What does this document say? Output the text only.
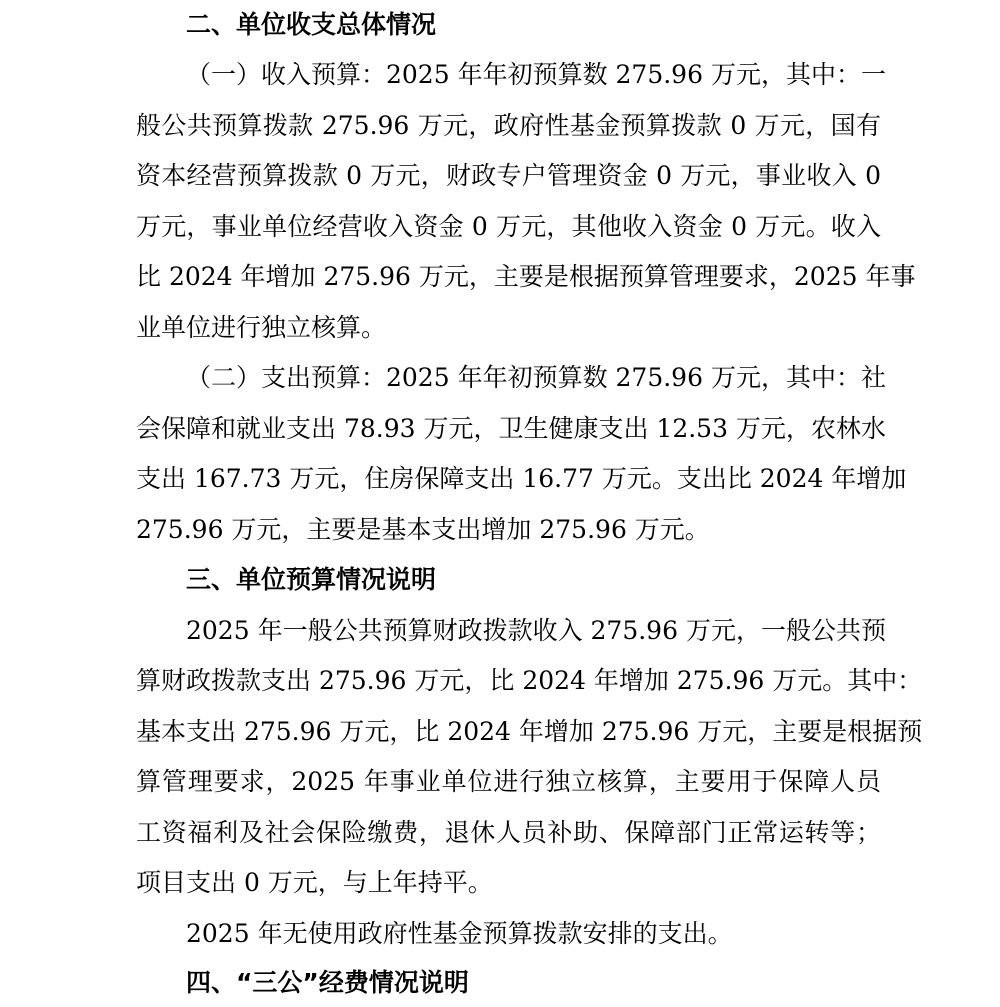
二、单位收支总体情况
（一）收入预算：2025 年年初预算数 275.96 万元，其中：一
般公共预算拨款 275.96 万元，政府性基金预算拨款 0 万元，国有
资本经营预算拨款 0 万元，财政专户管理资金 0 万元，事业收入 0
万元，事业单位经营收入资金 0 万元，其他收入资金 0 万元。收入
比 2024 年增加 275.96 万元，主要是根据预算管理要求，2025 年事
业单位进行独立核算。
（二）支出预算：2025 年年初预算数 275.96 万元，其中：社
会保障和就业支出 78.93 万元，卫生健康支出 12.53 万元，农林水
支出 167.73 万元，住房保障支出 16.77 万元。支出比 2024 年增加
275.96 万元，主要是基本支出增加 275.96 万元。
三、单位预算情况说明
2025 年一般公共预算财政拨款收入 275.96 万元，一般公共预
算财政拨款支出 275.96 万元，比 2024 年增加 275.96 万元。其中：
基本支出 275.96 万元，比 2024 年增加 275.96 万元，主要是根据预
算管理要求，2025 年事业单位进行独立核算，主要用于保障人员
工资福利及社会保险缴费，退休人员补助、保障部门正常运转等；
项目支出 0 万元，与上年持平。
2025 年无使用政府性基金预算拨款安排的支出。
四、“三公”经费情况说明
